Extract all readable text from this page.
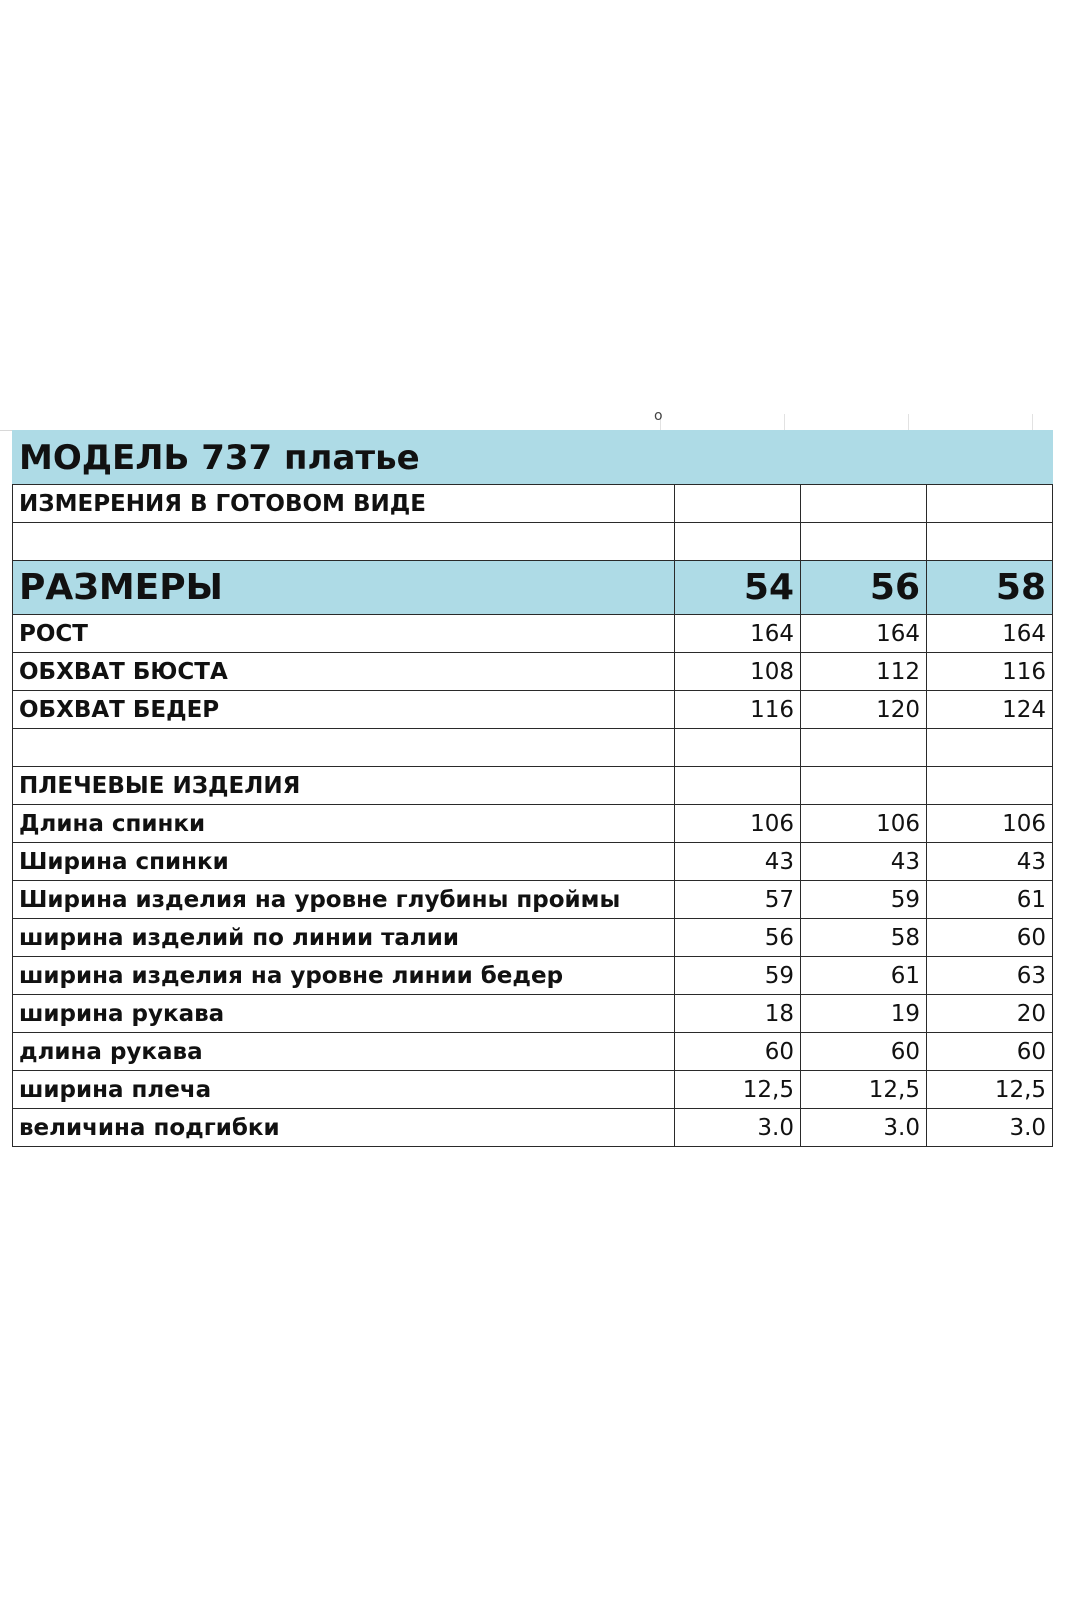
о
МОДЕЛЬ 737 платье			
ИЗМЕРЕНИЯ В ГОТОВОМ ВИДЕ			

РАЗМЕРЫ	54	56	58
РОСТ	164	164	164
ОБХВАТ БЮСТА	108	112	116
ОБХВАТ БЕДЕР	116	120	124

ПЛЕЧЕВЫЕ ИЗДЕЛИЯ			
Длина спинки	106	106	106
Ширина спинки	43	43	43
Ширина изделия на уровне глубины проймы	57	59	61
ширина изделий по линии талии	56	58	60
ширина изделия на уровне линии бедер	59	61	63
ширина рукава	18	19	20
длина рукава	60	60	60
ширина плеча	12,5	12,5	12,5
величина подгибки	3.0	3.0	3.0
